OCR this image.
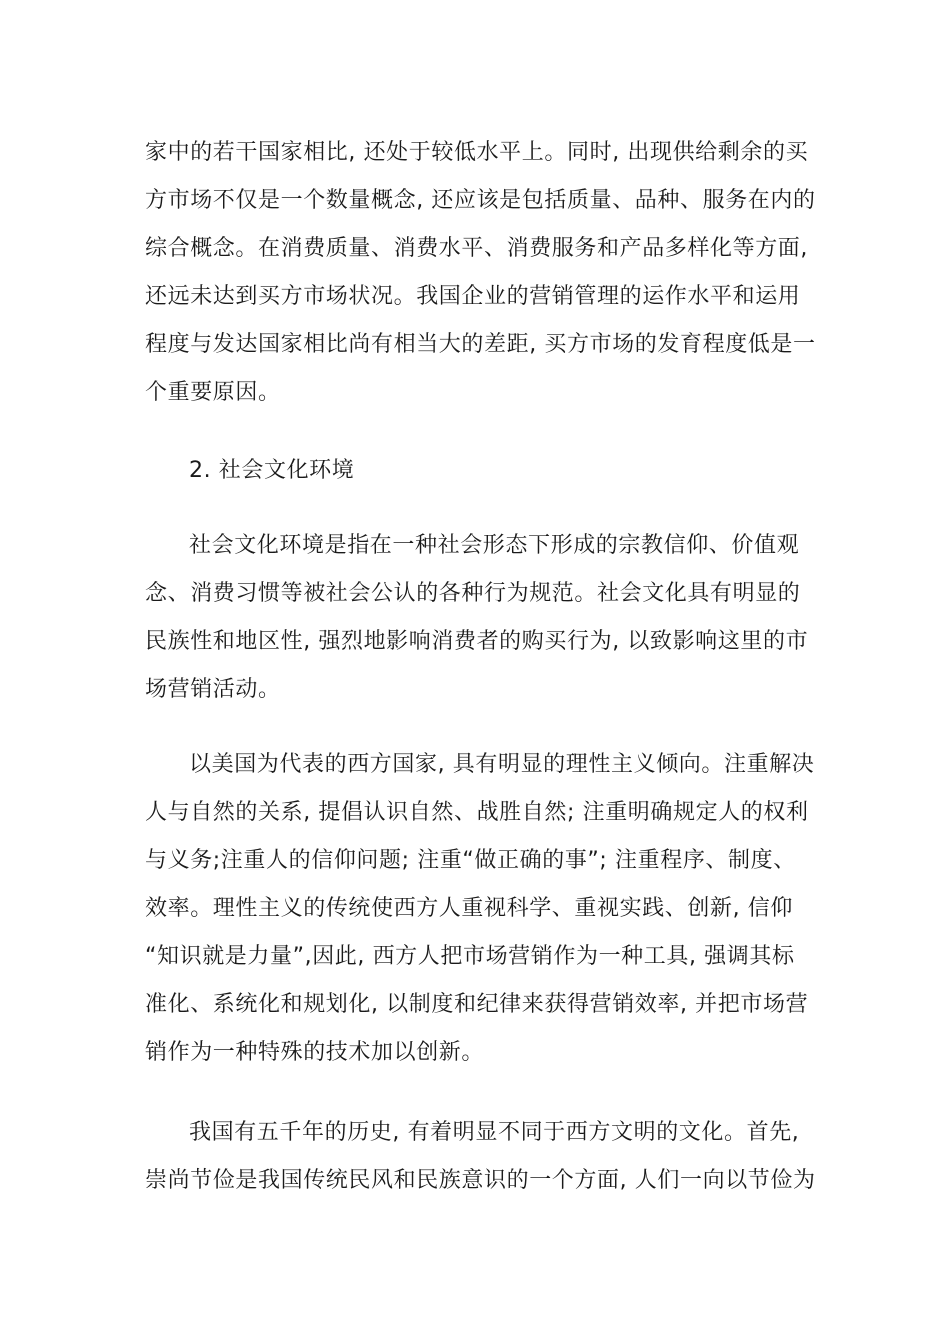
家中的若干国家相比, 还处于较低水平上。同时, 出现供给剩余的买
方市场不仅是一个数量概念, 还应该是包括质量、品种、服务在内的
综合概念。在消费质量、消费水平、消费服务和产品多样化等方面,
还远未达到买方市场状况。我国企业的营销管理的运作水平和运用
程度与发达国家相比尚有相当大的差距, 买方市场的发育程度低是一
个重要原因。
2. 社会文化环境
社会文化环境是指在一种社会形态下形成的宗教信仰、价值观
念、消费习惯等被社会公认的各种行为规范。社会文化具有明显的
民族性和地区性, 强烈地影响消费者的购买行为, 以致影响这里的市
场营销活动。
以美国为代表的西方国家, 具有明显的理性主义倾向。注重解决
人与自然的关系, 提倡认识自然、战胜自然; 注重明确规定人的权利
与义务;注重人的信仰问题; 注重“做正确的事”; 注重程序、制度、
效率。理性主义的传统使西方人重视科学、重视实践、创新, 信仰
“知识就是力量”,因此, 西方人把市场营销作为一种工具, 强调其标
准化、系统化和规划化, 以制度和纪律来获得营销效率, 并把市场营
销作为一种特殊的技术加以创新。
我国有五千年的历史, 有着明显不同于西方文明的文化。首先,
崇尚节俭是我国传统民风和民族意识的一个方面, 人们一向以节俭为
